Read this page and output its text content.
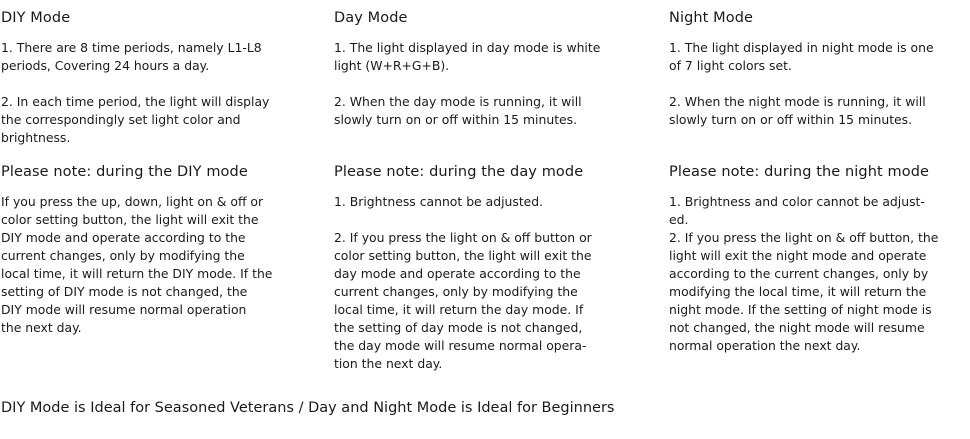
DIY Mode

1. There are 8 time periods, namely L1-L8
periods, Covering 24 hours a day.

2. In each time period, the light will display
the correspondingly set light color and
brightness.

Please note: during the DIY mode

If you press the up, down, light on & off or
color setting button, the light will exit the
DIY mode and operate according to the
current changes, only by modifying the
local time, it will return the DIY mode. If the
setting of DIY mode is not changed, the
DIY mode will resume normal operation
the next day.

Day Mode

1. The light displayed in day mode is white
light (W+R+G+B).

2. When the day mode is running, it will
slowly turn on or off within 15 minutes.

Please note: during the day mode

1. Brightness cannot be adjusted.

2. If you press the light on & off button or
color setting button, the light will exit the
day mode and operate according to the
current changes, only by modifying the
local time, it will return the day mode. If
the setting of day mode is not changed,
the day mode will resume normal opera-
tion the next day.

Night Mode

1. The light displayed in night mode is one
of 7 light colors set.

2. When the night mode is running, it will
slowly turn on or off within 15 minutes.

Please note: during the night mode

1. Brightness and color cannot be adjust-
ed.

2. If you press the light on & off button, the
light will exit the night mode and operate
according to the current changes, only by
modifying the local time, it will return the
night mode. If the setting of night mode is
not changed, the night mode will resume
normal operation the next day.

DIY Mode is Ideal for Seasoned Veterans / Day and Night Mode is Ideal for Beginners
